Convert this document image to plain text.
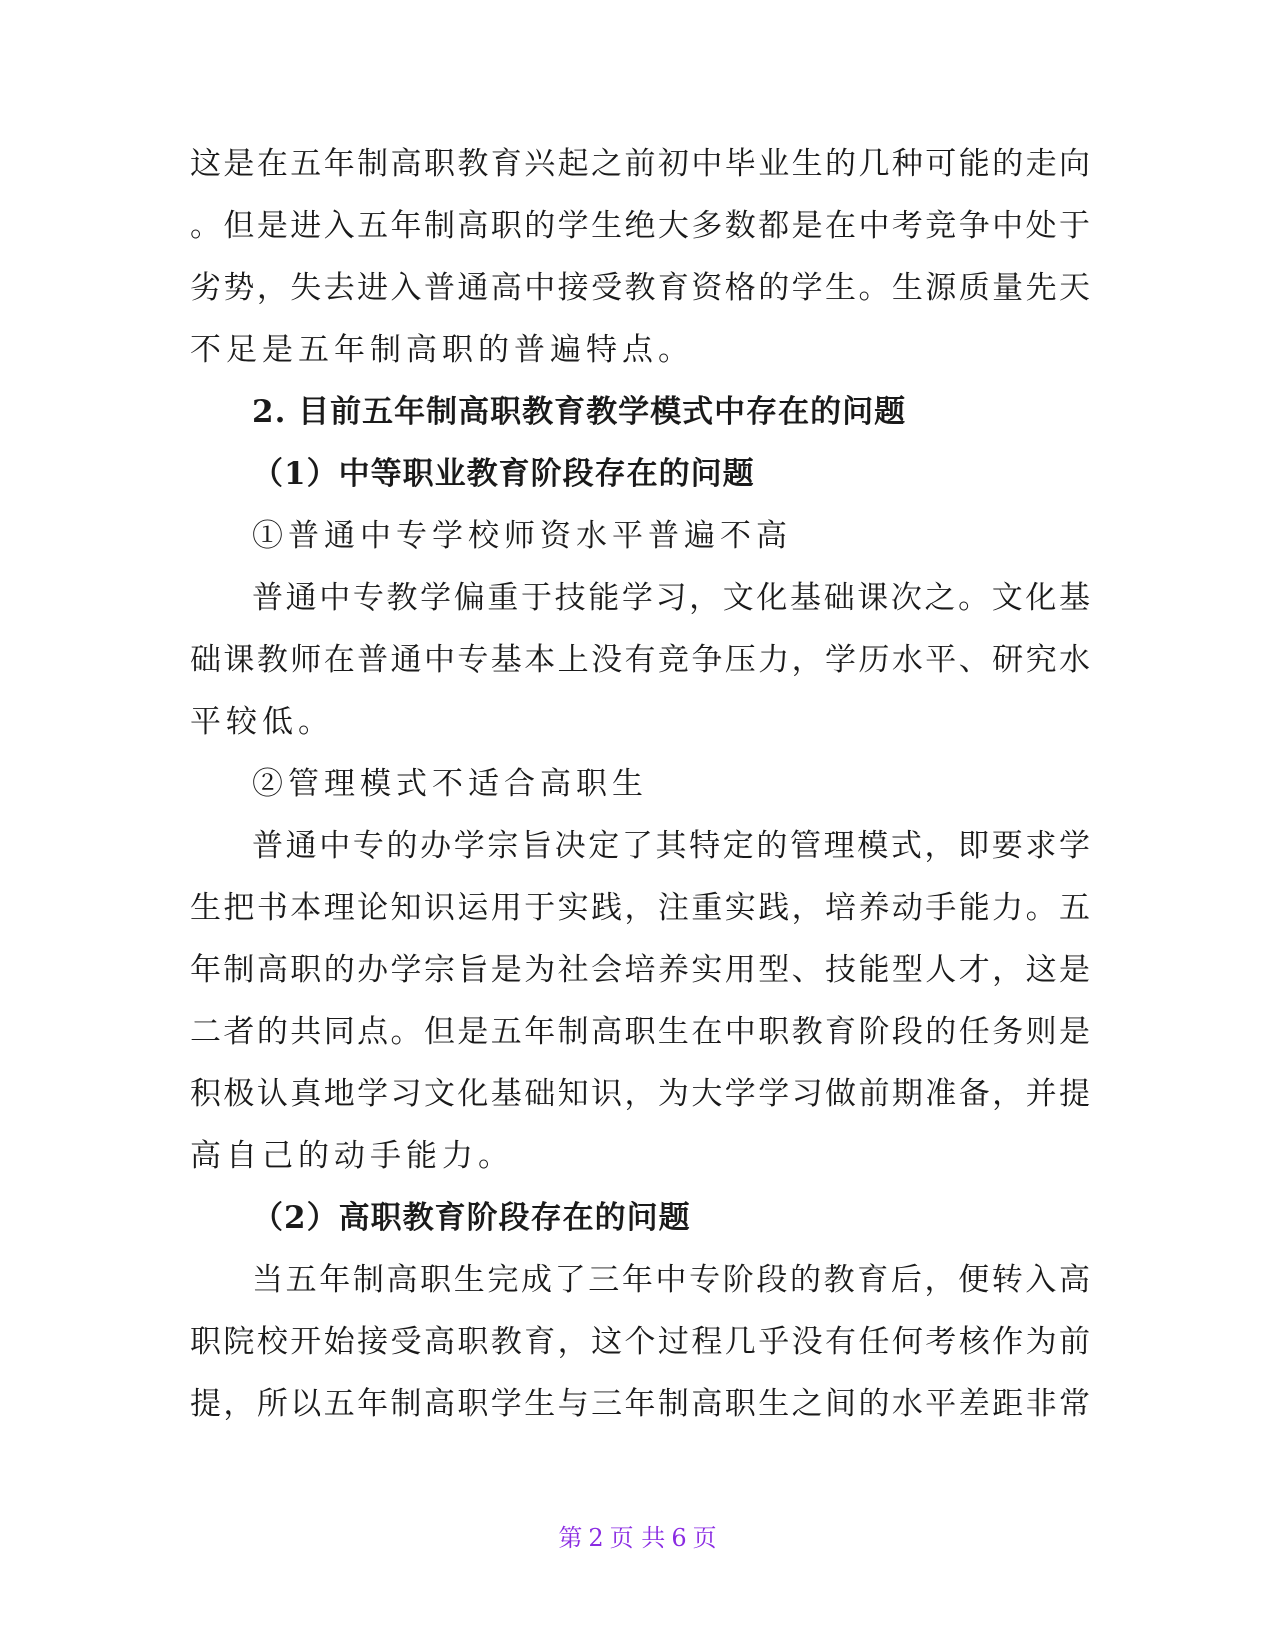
这是在五年制高职教育兴起之前初中毕业生的几种可能的走向
。但是进入五年制高职的学生绝大多数都是在中考竞争中处于
劣势，失去进入普通高中接受教育资格的学生。生源质量先天
不足是五年制高职的普遍特点。
2. 目前五年制高职教育教学模式中存在的问题
（1）中等职业教育阶段存在的问题
①普通中专学校师资水平普遍不高
普通中专教学偏重于技能学习，文化基础课次之。文化基
础课教师在普通中专基本上没有竞争压力，学历水平、研究水
平较低。
②管理模式不适合高职生
普通中专的办学宗旨决定了其特定的管理模式，即要求学
生把书本理论知识运用于实践，注重实践，培养动手能力。五
年制高职的办学宗旨是为社会培养实用型、技能型人才，这是
二者的共同点。但是五年制高职生在中职教育阶段的任务则是
积极认真地学习文化基础知识，为大学学习做前期准备，并提
高自己的动手能力。
（2）高职教育阶段存在的问题
当五年制高职生完成了三年中专阶段的教育后，便转入高
职院校开始接受高职教育，这个过程几乎没有任何考核作为前
提，所以五年制高职学生与三年制高职生之间的水平差距非常
第 2 页 共 6 页
